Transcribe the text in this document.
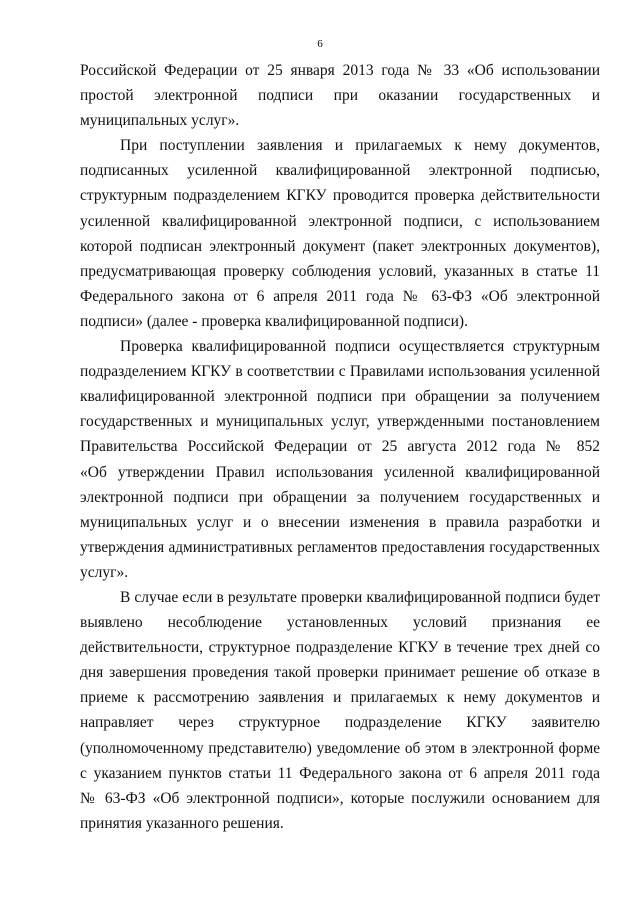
6

Российской Федерации от 25 января 2013 года № 33 «Об использовании
простой электронной подписи при оказании государственных и
муниципальных услуг».

При поступлении заявления и прилагаемых к нему документов,
подписанных усиленной квалифицированной электронной подписью,
структурным подразделением КГКУ проводится проверка действительности
усиленной квалифицированной электронной подписи, с использованием
которой подписан электронный документ (пакет электронных документов),
предусматривающая проверку соблюдения условий, указанных в статье 11
Федерального закона от 6 апреля 2011 года № 63-ФЗ «Об электронной
подписи» (далее - проверка квалифицированной подписи).

Проверка квалифицированной подписи осуществляется структурным
подразделением КГКУ в соответствии с Правилами использования усиленной
квалифицированной электронной подписи при обращении за получением
государственных и муниципальных услуг, утвержденными постановлением
Правительства Российской Федерации от 25 августа 2012 года № 852
«Об утверждении Правил использования усиленной квалифицированной
электронной подписи при обращении за получением государственных и
муниципальных услуг и о внесении изменения в правила разработки и
утверждения административных регламентов предоставления государственных
услуг».

В случае если в результате проверки квалифицированной подписи будет
выявлено несоблюдение установленных условий признания ее
действительности, структурное подразделение КГКУ в течение трех дней со
дня завершения проведения такой проверки принимает решение об отказе в
приеме к рассмотрению заявления и прилагаемых к нему документов и
направляет через структурное подразделение КГКУ заявителю
(уполномоченному представителю) уведомление об этом в электронной форме
с указанием пунктов статьи 11 Федерального закона от 6 апреля 2011 года
№ 63-ФЗ «Об электронной подписи», которые послужили основанием для
принятия указанного решения.
